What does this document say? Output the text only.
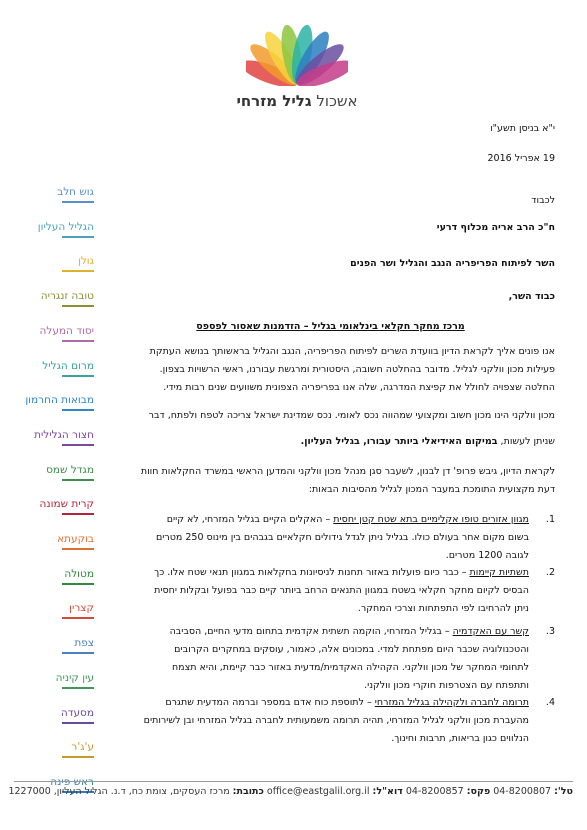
אשכול גליל מזרחי
גוש חלב
הגליל העליון
גולן
טובה זנגריה
יסוד המעלה
מרום הגליל
מבואות החרמון
חצור הגלילית
מגדל שמס
קרית שמונה
בוקעתא
מטולה
קצרין
צפת
עין קיניה
מסעדה
ע'ג'ר
י"א בניסן תשע"ו
19 אפריל 2016
לכבוד
ח"כ הרב אריה מכלוף דרעי
השר לפיתוח הפריפריה הנגב והגליל ושר הפנים
כבוד השר,
מרכז מחקר חקלאי בינלאומי בגליל – הזדמנות שאסור לפספס
אנו פונים אליך לקראת הדיון בוועדת השרים לפיתוח הפריפריה, הנגב והגליל בראשותך בנושא העתקת
פעילות מכון וולקני לגליל. מדובר בהחלטה חשובה, היסטורית ומרגשת עבורנו, ראשי הרשויות בצפון.
החלטה שצפויה לחולל את קפיצת המדרגה, שלה אנו בפריפריה הצפונית משוועים שנים רבות מידי.
מכון וולקני הינו מכון חשוב ומקצועי שמהווה נכס לאומי. נכס שמדינת ישראל צריכה לטפח ולפתח, דבר
שניתן לעשות, במיקום האידיאלי ביותר עבורו, בגליל העליון.
לקראת הדיון, גיבש פרופ' דן לבנון, לשעבר סגן מנהל מכון וולקני והמדען הראשי במשרד החקלאות חוות
דעת מקצועית התומכת במעבר המכון לגליל מהסיבות הבאות:
1.
מגוון אזורים טופו אקלימיים בתא שטח קטן יחסית – האקלים הקיים בגליל המזרחי, לא קיים
בשום מקום אחר בעולם כולו. בגליל ניתן לגדל גידולים חקלאיים בגבהים בין מינוס 250 מטרים
לגובה 1200 מטרים.
2.
תשתיות קיימות – כבר כיום פועלות באזור תחנות לניסיונות בחקלאות במגוון תנאי שטח אלו. כך
הבסיס לקיום מחקר חקלאי בשטח במגוון התנאים הרחב ביותר קיים כבר בפועל ובקלות יחסית
ניתן להרחיבו לפי התפתחות וצרכי המחקר.
3.
קשר עם האקדמיה – בגליל המזרחי, הוקמה תשתית אקדמית בתחום מדעי החיים, הסביבה
והטכנולוגיה שכבר היום מפתחת למדי. במכונים אלה, כאמור, עוסקים במחקרים הקרובים
לתחומי המחקר של מכון וולקני. הקהילה האקדמית/מדעית באזור כבר קיימת, והיא תצמח
ותתפתח עם הצטרפות חוקרי מכון וולקני.
4.
תרומה לחברה ולקהילה בגליל המזרחי – לתוספת כוח אדם במספר וברמה המדעית שתגרם
מהעברת מכון וולקני לגליל המזרחי, תהיה תרומה משמעותית לחברה בגליל המזרחי ובן לשירותים
הנלווים כגון בריאות, תרבות וחינוך.
טל': 04-8200807 פקס: 04-8200857 דוא"ל: office@eastgalil.org.il כתובת: מרכז העסקים, צומת כח, ד.נ. הגליל העליון, 1227000
